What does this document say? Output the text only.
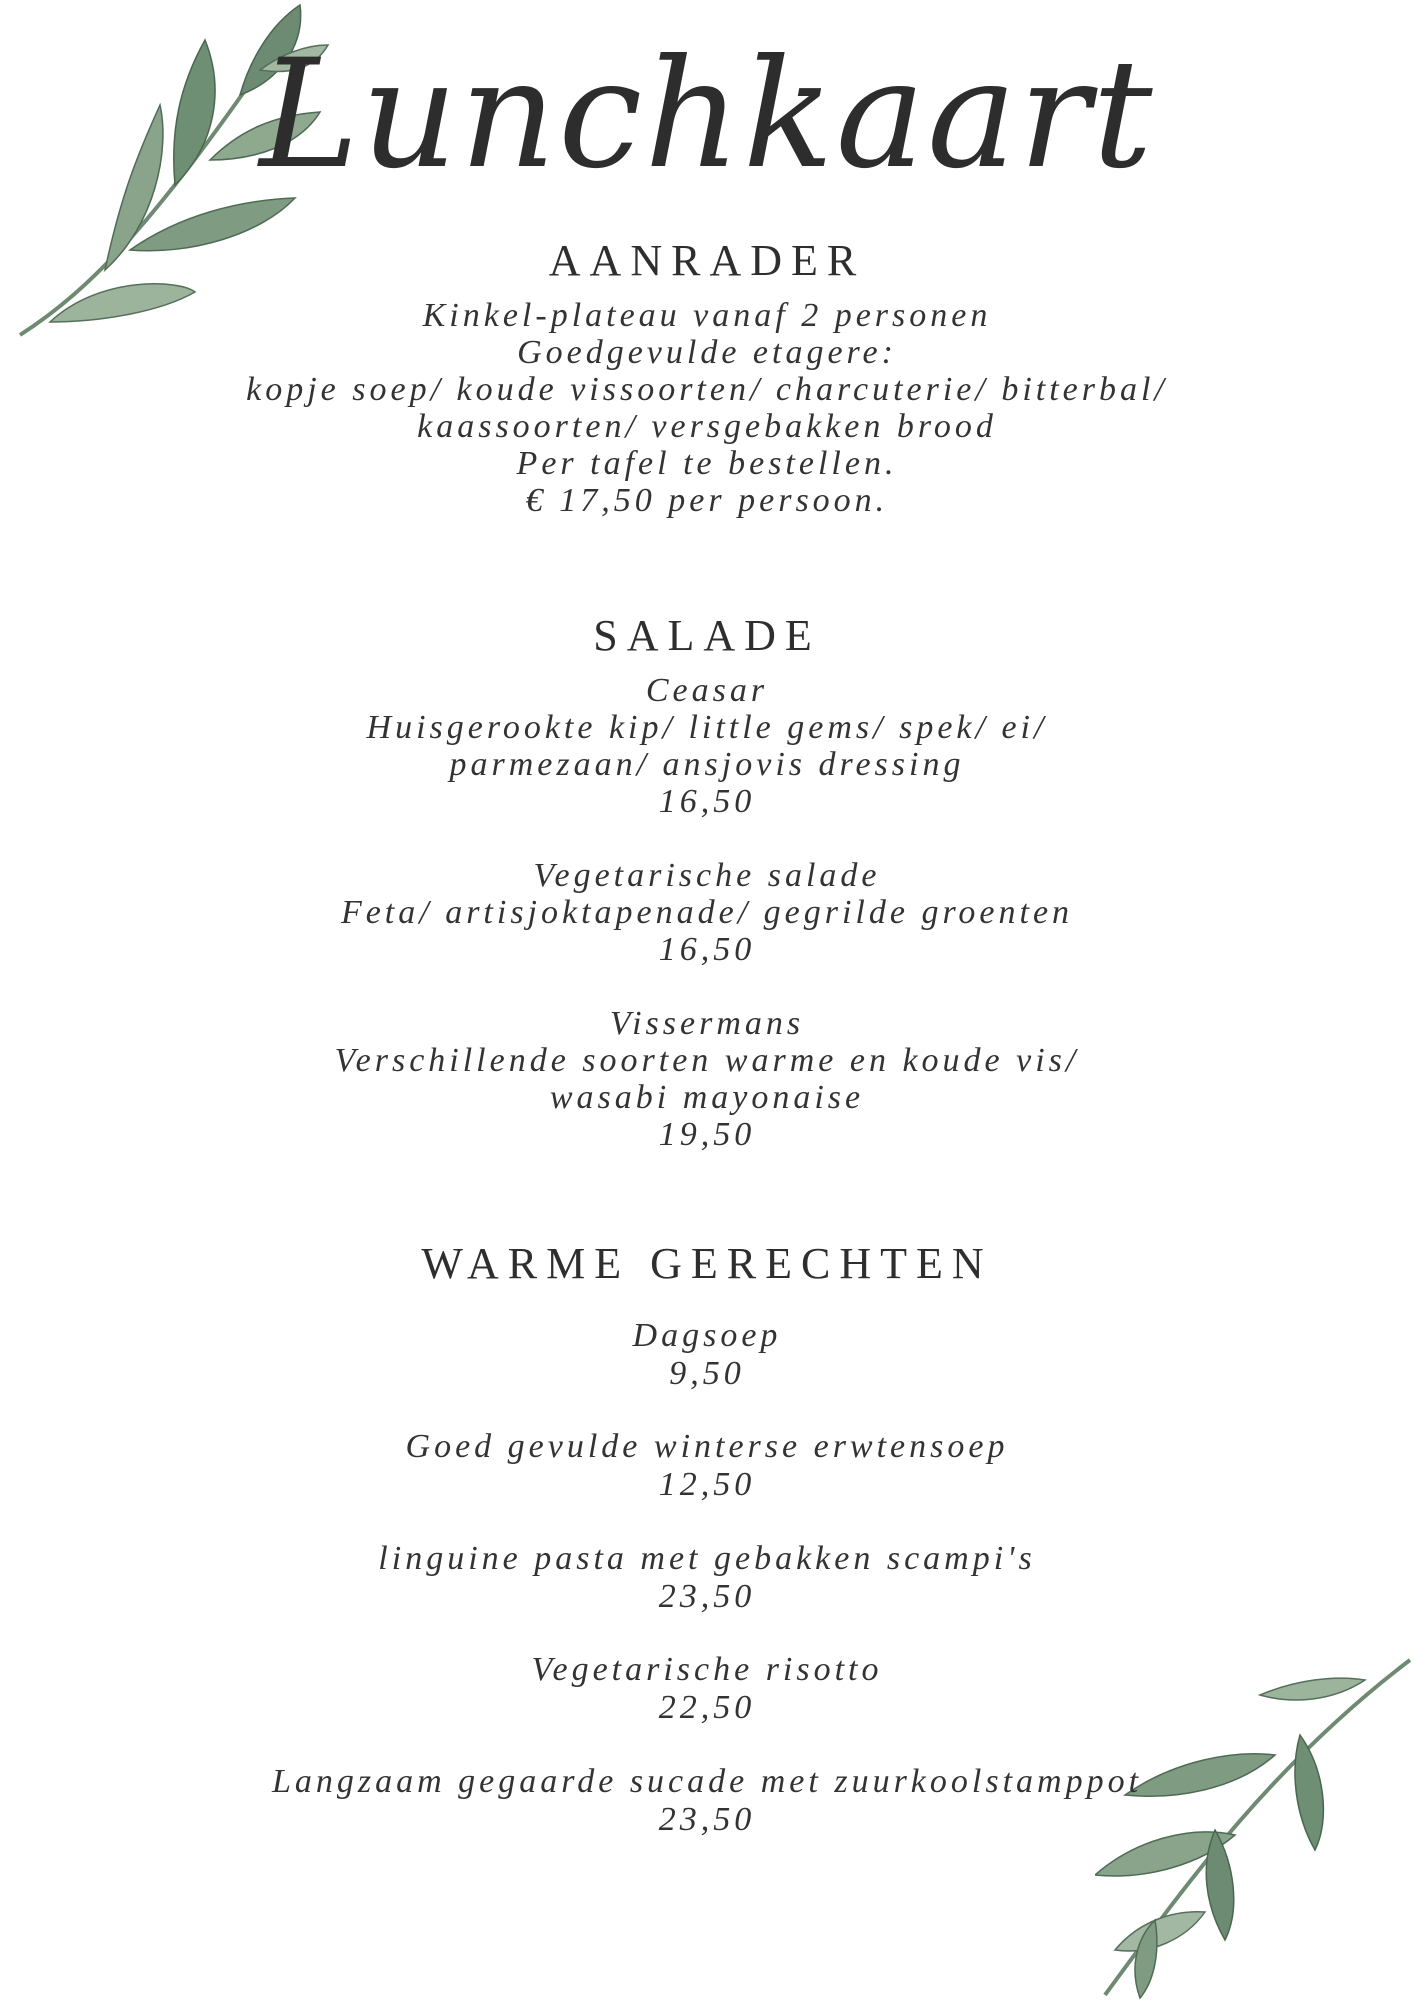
Lunchkaart
AANRADER
Kinkel-plateau vanaf 2 personen
Goedgevulde etagere:
kopje soep/ koude vissoorten/ charcuterie/ bitterbal/
kaassoorten/ versgebakken brood
Per tafel te bestellen.
€ 17,50 per persoon.
SALADE
Ceasar
Huisgerookte kip/ little gems/ spek/ ei/
parmezaan/ ansjovis dressing
16,50
Vegetarische salade
Feta/ artisjoktapenade/ gegrilde groenten
16,50
Vissermans
Verschillende soorten warme en koude vis/
wasabi mayonaise
19,50
WARME GERECHTEN
Dagsoep
9,50
Goed gevulde winterse erwtensoep
12,50
linguine pasta met gebakken scampi's
23,50
Vegetarische risotto
22,50
Langzaam gegaarde sucade met zuurkoolstamppot
23,50
